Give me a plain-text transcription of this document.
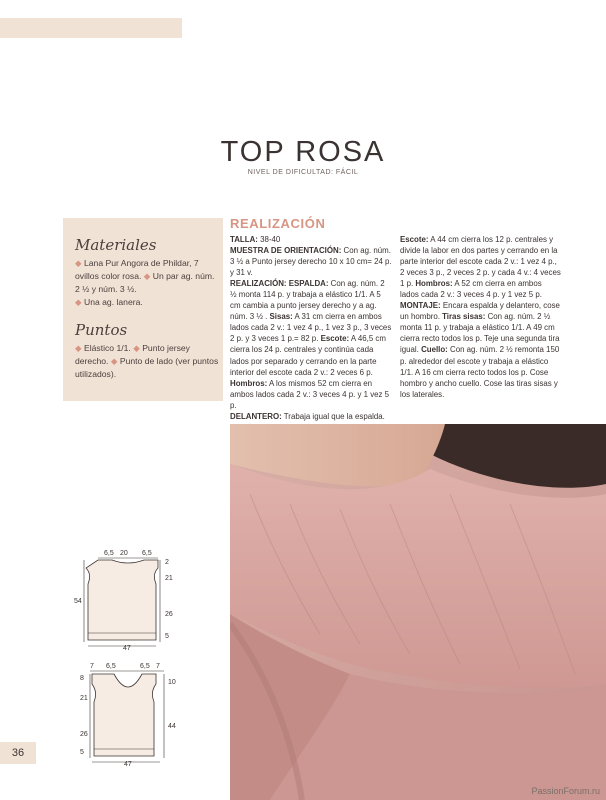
TOP ROSA
NIVEL DE DIFICULTAD: FÁCIL

Materiales

◆ Lana Pur Angora de Phildar, 7 ovillos color rosa. ◆ Un par ag. núm. 2 ½ y núm. 3 ½.
◆ Una ag. lanera.

Puntos

◆ Elástico 1/1. ◆ Punto jersey derecho. ◆ Punto de lado (ver puntos utilizados).
REALIZACIÓN

TALLA: 38-40

MUESTRA DE ORIENTACIÓN: Con ag. núm. 3 ½ a Punto jersey derecho 10 x 10 cm= 24 p. y 31 v.

REALIZACIÓN: ESPALDA: Con ag. núm. 2 ½ monta 114 p. y trabaja a elástico 1/1. A 5 cm cambia a punto jersey derecho y a ag. núm. 3 ½ . Sisas: A 31 cm cierra en ambos lados cada 2 v.: 1 vez 4 p., 1 vez 3 p., 3 veces 2 p. y 3 veces 1 p.= 82 p. Escote: A 46,5 cm cierra los 24 p. centrales y continúa cada lados por separado y cerrando en la parte interior del escote cada 2 v.: 2 veces 6 p. Hombros: A los mismos 52 cm cierra en ambos lados cada 2 v.: 3 veces 4 p. y 1 vez 5 p.

DELANTERO: Trabaja igual que la espalda.

Escote: A 44 cm cierra los 12 p. centrales y divide la labor en dos partes y cerrando en la parte interior del escote cada 2 v.: 1 vez 4 p., 2 veces 3 p., 2 veces 2 p. y cada 4 v.: 4 veces 1 p. Hombros: A 52 cm cierra en ambos lados cada 2 v.: 3 veces 4 p. y 1 vez 5 p.

MONTAJE: Encara espalda y delantero, cose un hombro. Tiras sisas: Con ag. núm. 2 ½ monta 11 p. y trabaja a elástico 1/1. A 49 cm cierra recto todos los p. Teje una segunda tira igual. Cuello: Con ag. núm. 2 ½ remonta 150 p. alrededor del escote y trabaja a elástico 1/1. A 16 cm cierra recto todos los p. Cose hombro y ancho cuello. Cose las tiras sisas y los laterales.

6,5 20 6,5
2
21
26
5
54
47
7 6,5	6,5 7
10
44
8
21
26
5
47
36
PassionForum.ru
